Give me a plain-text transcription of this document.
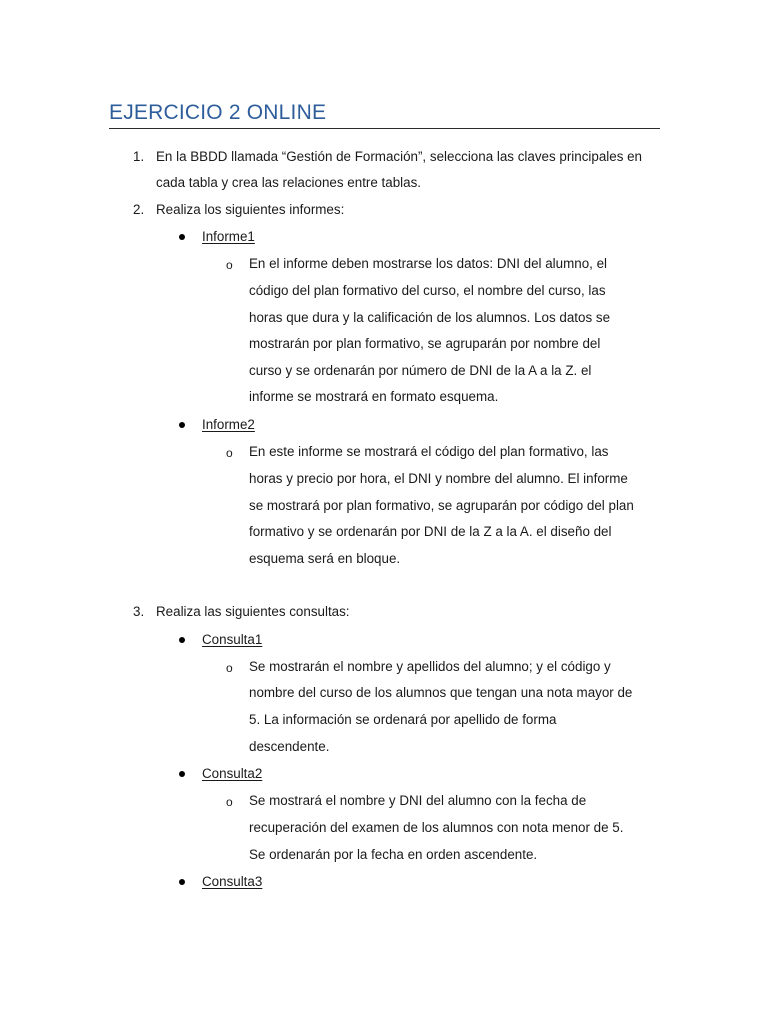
EJERCICIO 2 ONLINE
1. En la BBDD llamada “Gestión de Formación”, selecciona las claves principales en
cada tabla y crea las relaciones entre tablas.
2. Realiza los siguientes informes:
Informe1
o En el informe deben mostrarse los datos: DNI del alumno, el
código del plan formativo del curso, el nombre del curso, las
horas que dura y la calificación de los alumnos. Los datos se
mostrarán por plan formativo, se agruparán por nombre del
curso y se ordenarán por número de DNI de la A a la Z. el
informe se mostrará en formato esquema.
Informe2
o En este informe se mostrará el código del plan formativo, las
horas y precio por hora, el DNI y nombre del alumno. El informe
se mostrará por plan formativo, se agruparán por código del plan
formativo y se ordenarán por DNI de la Z a la A. el diseño del
esquema será en bloque.
3. Realiza las siguientes consultas:
Consulta1
o Se mostrarán el nombre y apellidos del alumno; y el código y
nombre del curso de los alumnos que tengan una nota mayor de
5. La información se ordenará por apellido de forma
descendente.
Consulta2
o Se mostrará el nombre y DNI del alumno con la fecha de
recuperación del examen de los alumnos con nota menor de 5.
Se ordenarán por la fecha en orden ascendente.
Consulta3
